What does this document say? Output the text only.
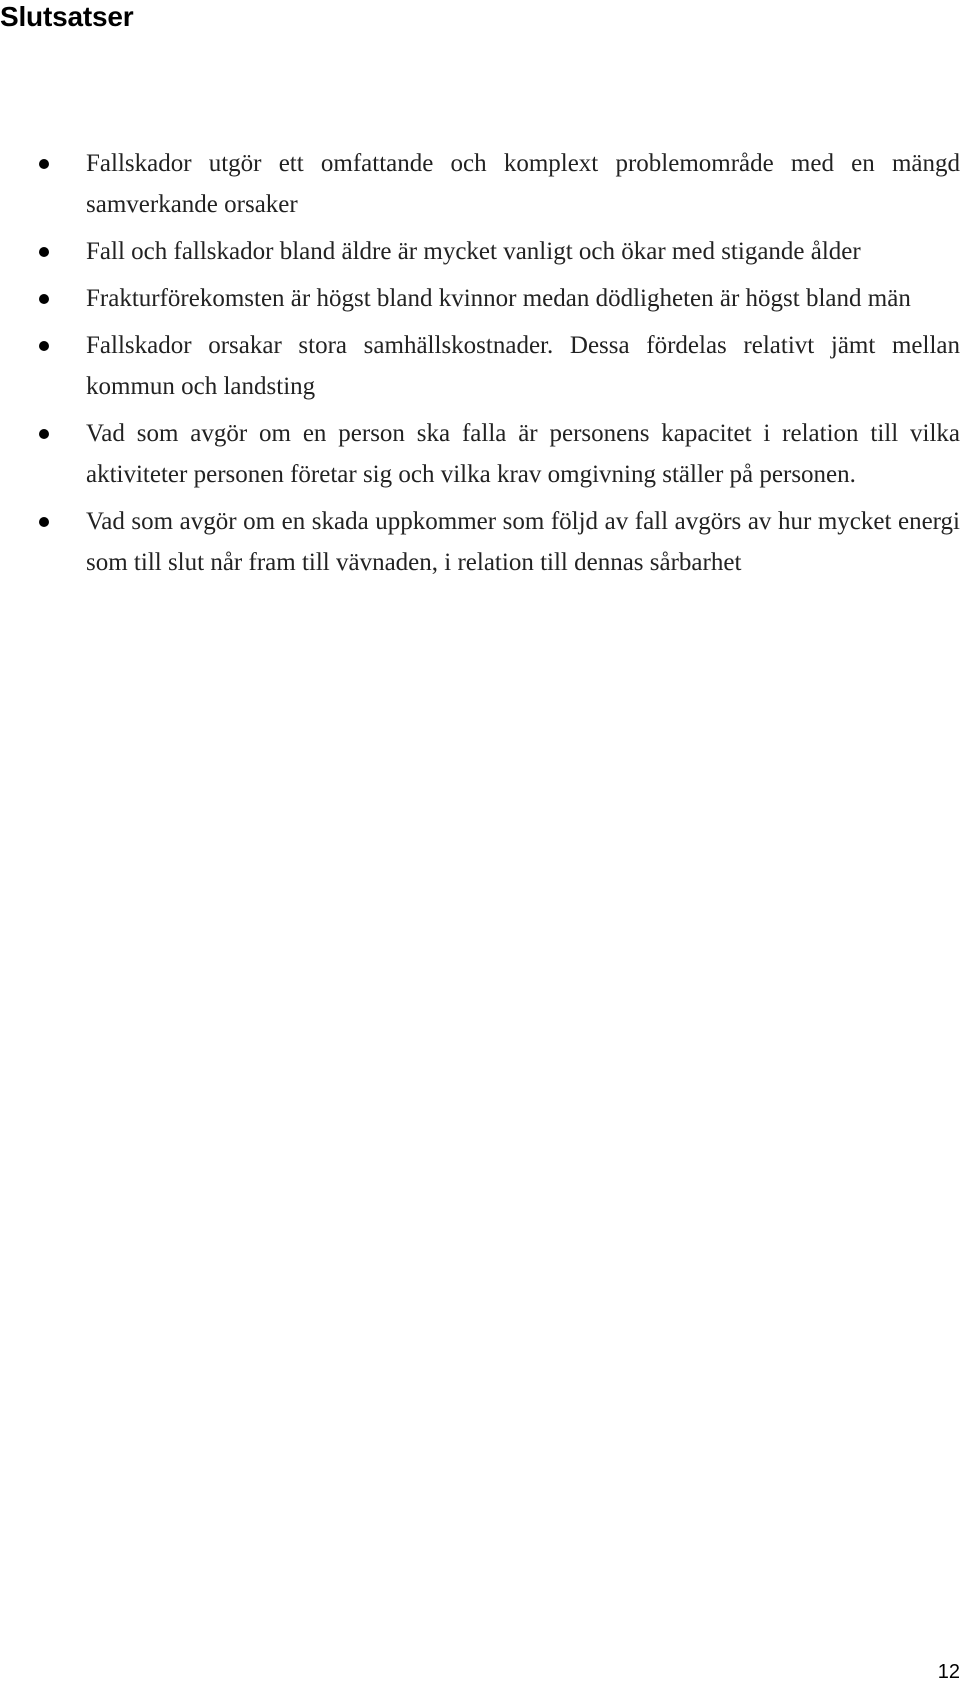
Slutsatser
Fallskador utgör ett omfattande och komplext problemområde med en mängd samverkande orsaker
Fall och fallskador bland äldre är mycket vanligt och ökar med stigande ålder
Frakturförekomsten är högst bland kvinnor medan dödligheten är högst bland män
Fallskador orsakar stora samhällskostnader. Dessa fördelas relativt jämt mellan kommun och landsting
Vad som avgör om en person ska falla är personens kapacitet i relation till vilka aktiviteter personen företar sig och vilka krav omgivning ställer på personen.
Vad som avgör om en skada uppkommer som följd av fall avgörs av hur mycket energi som till slut når fram till vävnaden, i relation till dennas sårbarhet
12
